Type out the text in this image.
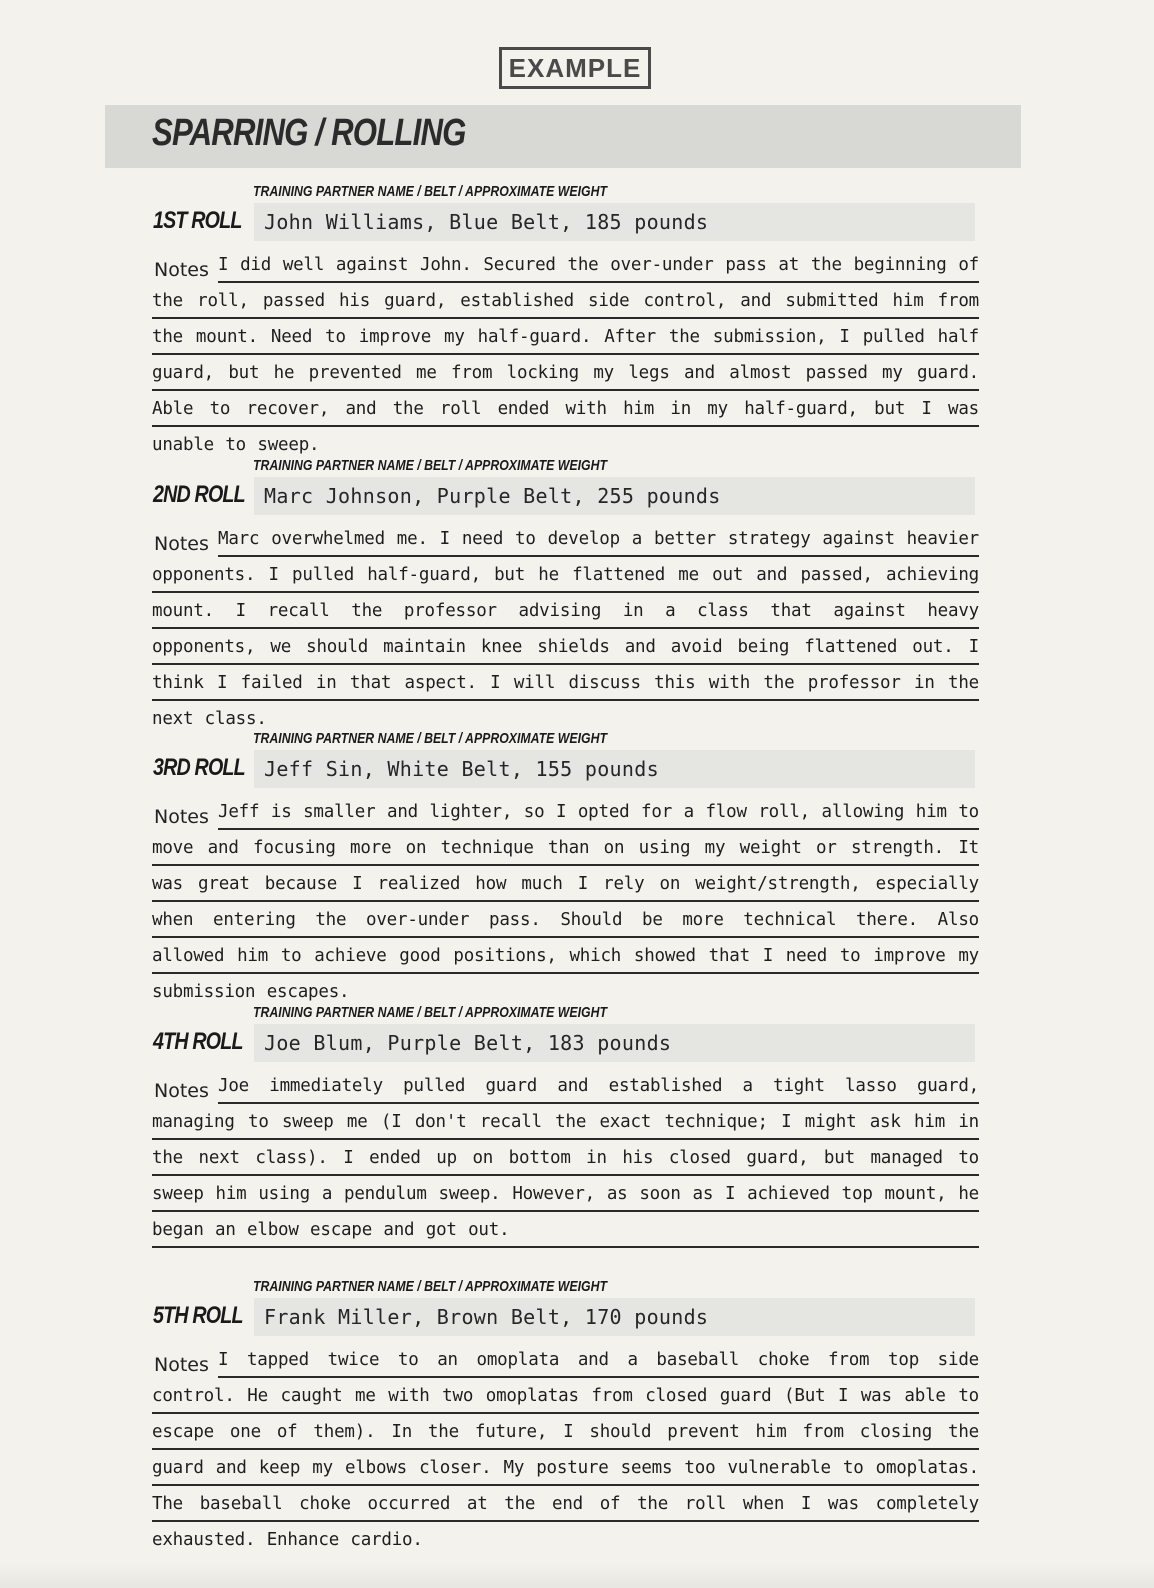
EXAMPLE
SPARRING / ROLLING
TRAINING PARTNER NAME / BELT / APPROXIMATE WEIGHT
1ST ROLL	John Williams, Blue Belt, 185 pounds
Notes I did well against John. Secured the over-under pass at the beginning of the roll, passed his guard, established side control, and submitted him from the mount. Need to improve my half-guard. After the submission, I pulled half guard, but he prevented me from locking my legs and almost passed my guard. Able to recover, and the roll ended with him in my half-guard, but I was unable to sweep.
TRAINING PARTNER NAME / BELT / APPROXIMATE WEIGHT
2ND ROLL Marc Johnson, Purple Belt, 255 pounds
Notes Marc overwhelmed me. I need to develop a better strategy against heavier opponents. I pulled half-guard, but he flattened me out and passed, achieving mount. I recall the professor advising in a class that against heavy opponents, we should maintain knee shields and avoid being flattened out. I think I failed in that aspect. I will discuss this with the professor in the next class.
TRAINING PARTNER NAME / BELT / APPROXIMATE WEIGHT
3RD ROLL Jeff Sin, White Belt, 155 pounds
Notes Jeff is smaller and lighter, so I opted for a flow roll, allowing him to move and focusing more on technique than on using my weight or strength. It was great because I realized how much I rely on weight/strength, especially when entering the over-under pass. Should be more technical there. Also allowed him to achieve good positions, which showed that I need to improve my submission escapes.
TRAINING PARTNER NAME / BELT / APPROXIMATE WEIGHT
4TH ROLL	Joe Blum, Purple Belt, 183 pounds
Notes Joe immediately pulled guard and established a tight lasso guard, managing to sweep me (I don't recall the exact technique; I might ask him in the next class). I ended up on bottom in his closed guard, but managed to sweep him using a pendulum sweep. However, as soon as I achieved top mount, he began an elbow escape and got out.
TRAINING PARTNER NAME / BELT / APPROXIMATE WEIGHT
5TH ROLL	Frank Miller, Brown Belt, 170 pounds
Notes I tapped twice to an omoplata and a baseball choke from top side control. He caught me with two omoplatas from closed guard (But I was able to escape one of them). In the future, I should prevent him from closing the guard and keep my elbows closer. My posture seems too vulnerable to omoplatas. The baseball choke occurred at the end of the roll when I was completely exhausted. Enhance cardio.
